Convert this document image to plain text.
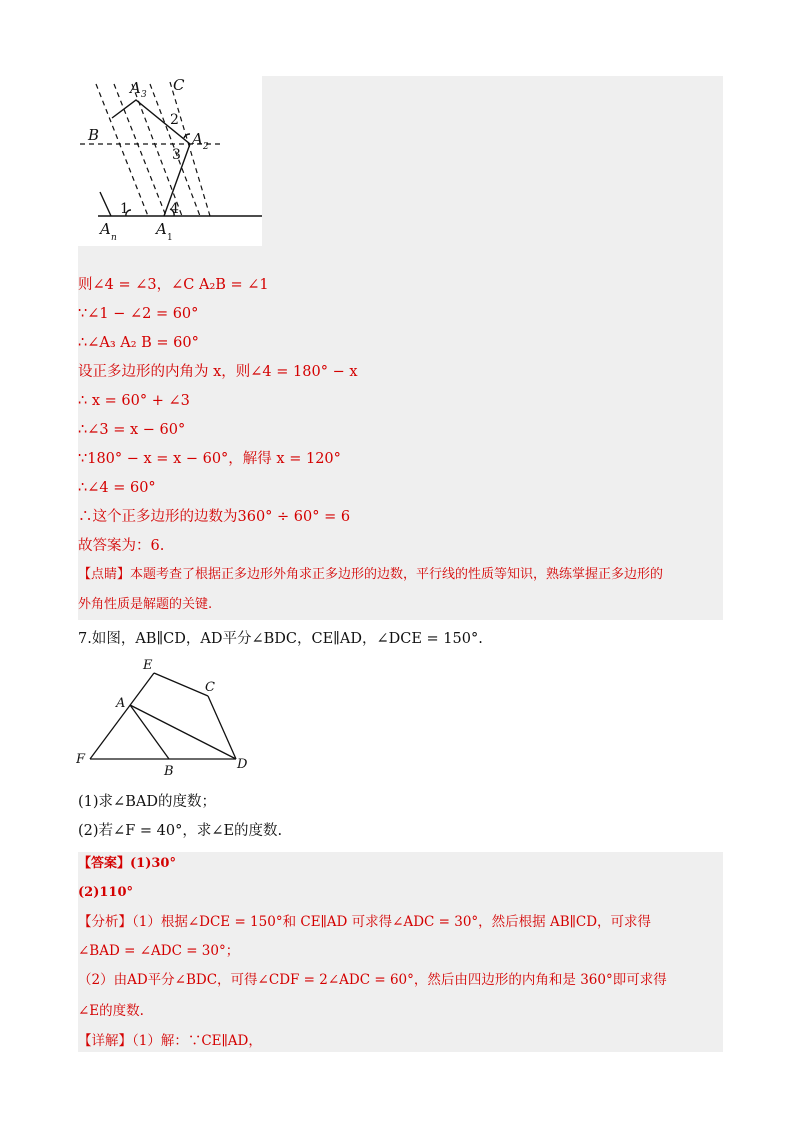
A 3
C
B	A 2
2
3
1	4
A n	A 1
则∠4 = ∠3，∠C A₂B = ∠1
∵∠1 − ∠2 = 60°
∴∠A₃ A₂ B = 60°
设正多边形的内角为 x，则∠4 = 180° − x
∴ x = 60° + ∠3
∴∠3 = x − 60°
∵180° − x = x − 60°，解得 x = 120°
∴∠4 = 60°
∴这个正多边形的边数为360° ÷ 60° = 6
故答案为：6.
【点睛】本题考查了根据正多边形外角求正多边形的边数，平行线的性质等知识，熟练掌握正多边形的
外角性质是解题的关键.
7.如图，AB∥CD，AD平分∠BDC，CE∥AD，∠DCE = 150°.
E
C
A
F
B	D
(1)求∠BAD的度数；
(2)若∠F = 40°，求∠E的度数.
【答案】(1)30°
(2)110°
【分析】（1）根据∠DCE = 150°和 CE∥AD 可求得∠ADC = 30°，然后根据 AB∥CD，可求得
∠BAD = ∠ADC = 30°；
（2）由AD平分∠BDC，可得∠CDF = 2∠ADC = 60°，然后由四边形的内角和是 360°即可求得
∠E的度数.
【详解】（1）解：∵CE∥AD，
